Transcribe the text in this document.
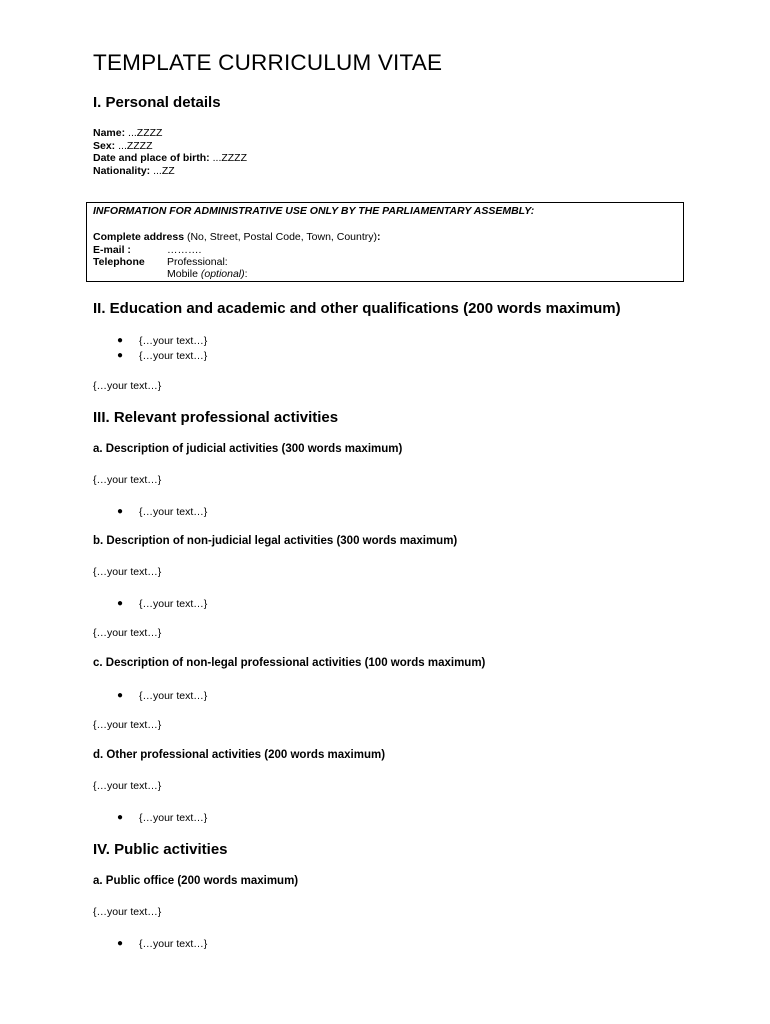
TEMPLATE CURRICULUM VITAE
I. Personal details
Name: ...ZZZZ
Sex: ...ZZZZ
Date and place of birth: ...ZZZZ
Nationality: ...ZZ
INFORMATION FOR ADMINISTRATIVE USE ONLY BY THE PARLIAMENTARY ASSEMBLY:
Complete address (No, Street, Postal Code, Town, Country):
E-mail :	……….
Telephone Professional:
Mobile (optional):
II. Education and academic and other qualifications (200 words maximum)
● {…your text…}
● {…your text…}
{…your text…}
III. Relevant professional activities
a. Description of judicial activities (300 words maximum)
{…your text…}
● {…your text…}
b. Description of non-judicial legal activities (300 words maximum)
{…your text…}
● {…your text…}
{…your text…}
c. Description of non-legal professional activities (100 words maximum)
● {…your text…}
{…your text…}
d. Other professional activities (200 words maximum)
{…your text…}
● {…your text…}
IV. Public activities
a. Public office (200 words maximum)
{…your text…}
● {…your text…}
